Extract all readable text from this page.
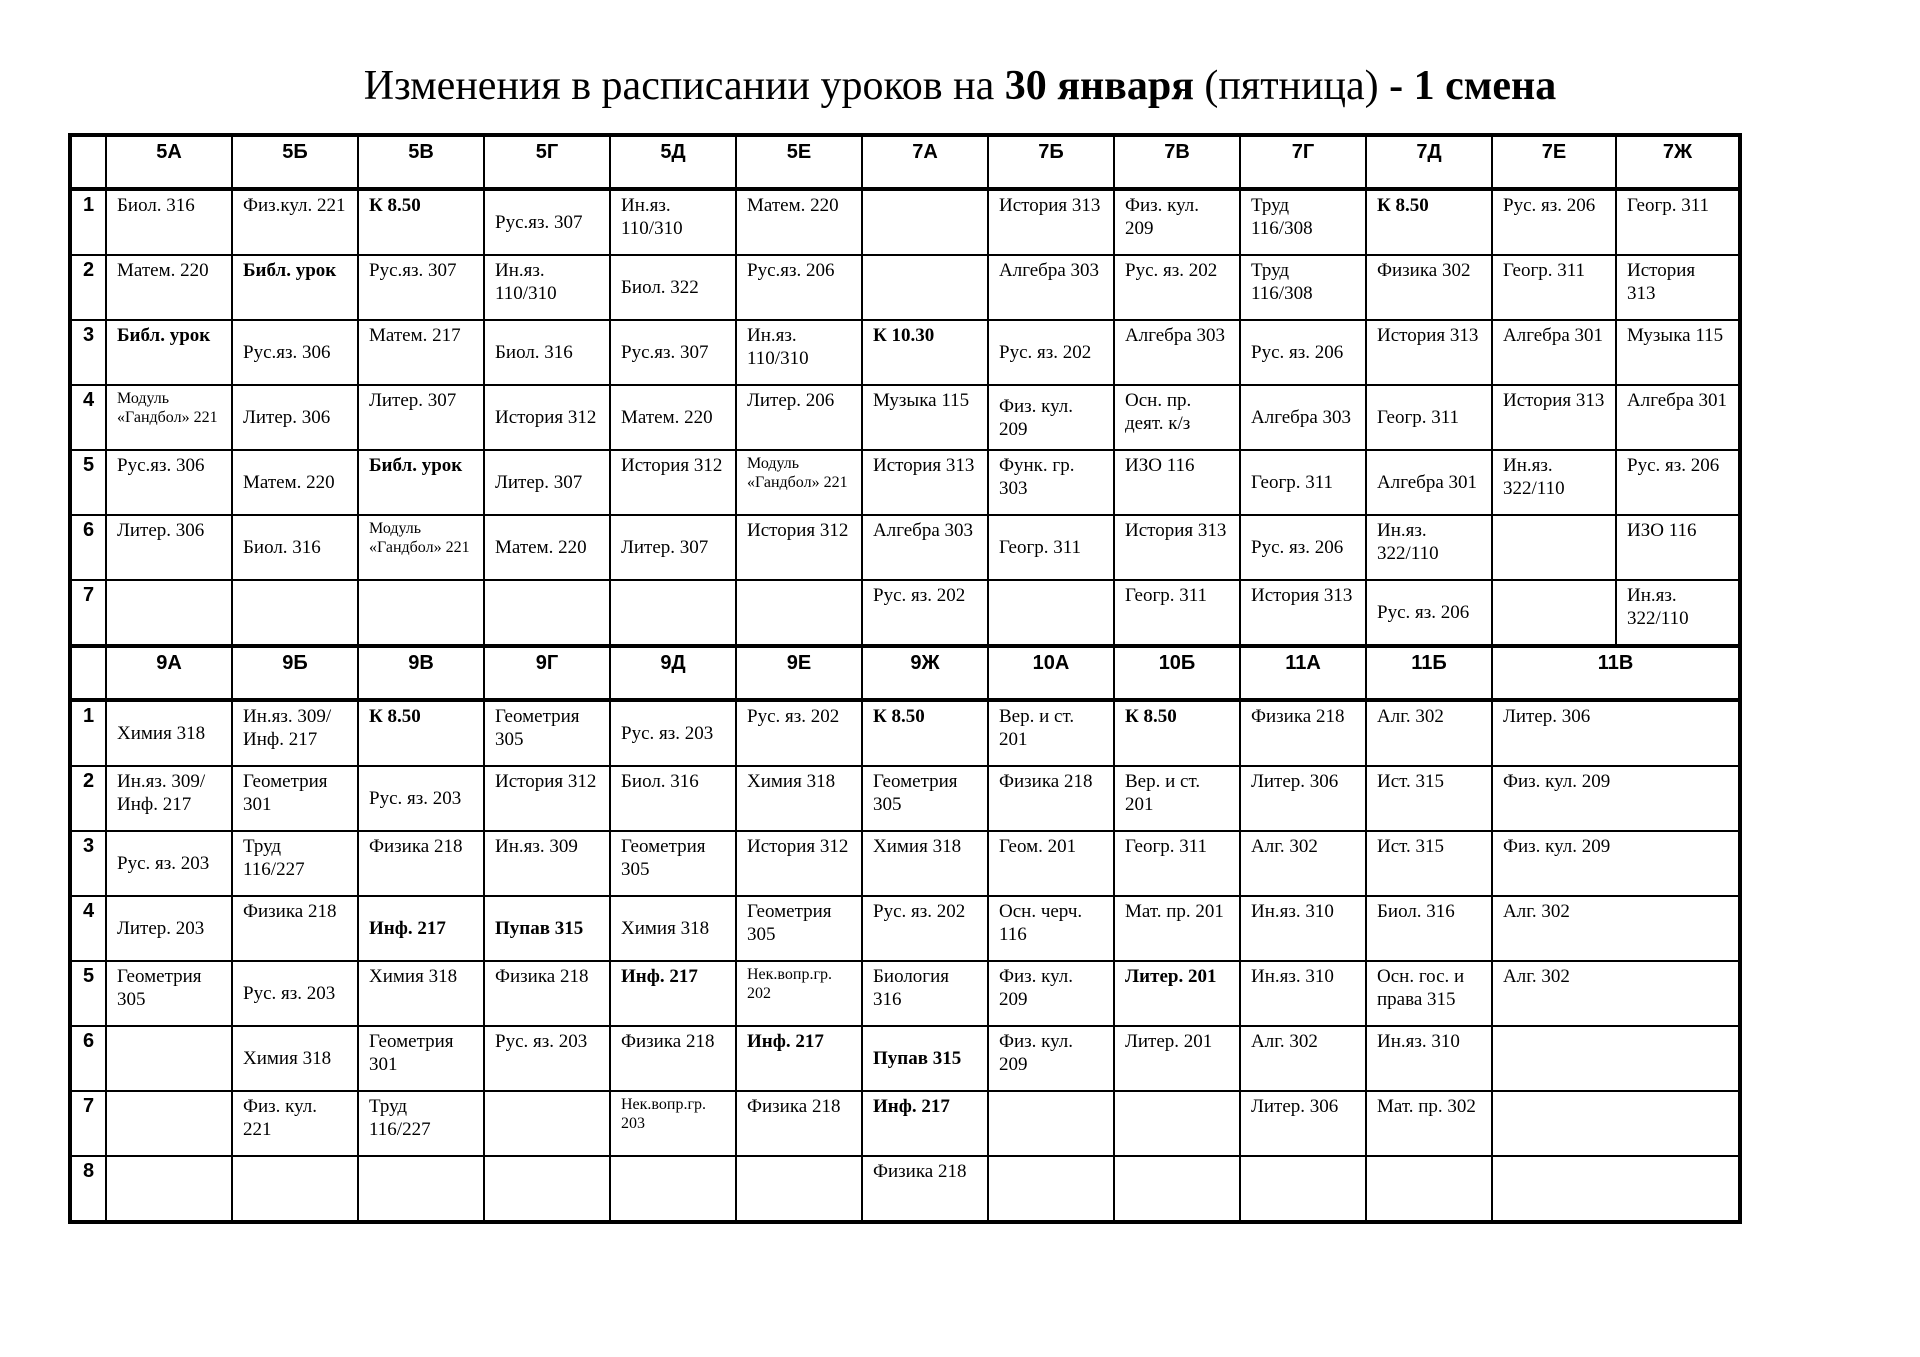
Изменения в расписании уроков на 30 января (пятница) - 1 смена
	5А	5Б	5В	5Г	5Д	5Е	7А	7Б	7В	7Г	7Д	7Е	7Ж
1	Биол. 316	Физ.кул. 221	К 8.50	Рус.яз. 307	Ин.яз. 110/310	Матем. 220		История 313	Физ. кул. 209	Труд 116/308	К 8.50	Рус. яз. 206	Геогр. 311
2	Матем. 220	Библ. урок	Рус.яз. 307	Ин.яз. 110/310	Биол. 322	Рус.яз. 206		Алгебра 303	Рус. яз. 202	Труд 116/308	Физика 302	Геогр. 311	История 313
3	Библ. урок	Рус.яз. 306	Матем. 217	Биол. 316	Рус.яз. 307	Ин.яз. 110/310	К 10.30	Рус. яз. 202	Алгебра 303	Рус. яз. 206	История 313	Алгебра 301	Музыка 115
4	Модуль «Гандбол» 221	Литер. 306	Литер. 307	История 312	Матем. 220	Литер. 206	Музыка 115	Физ. кул. 209	Осн. пр. деят. к/з	Алгебра 303	Геогр. 311	История 313	Алгебра 301
5	Рус.яз. 306	Матем. 220	Библ. урок	Литер. 307	История 312	Модуль «Гандбол» 221	История 313	Функ. гр. 303	ИЗО 116	Геогр. 311	Алгебра 301	Ин.яз. 322/110	Рус. яз. 206
6	Литер. 306	Биол. 316	Модуль «Гандбол» 221	Матем. 220	Литер. 307	История 312	Алгебра 303	Геогр. 311	История 313	Рус. яз. 206	Ин.яз. 322/110		ИЗО 116
7							Рус. яз. 202		Геогр. 311	История 313	Рус. яз. 206		Ин.яз. 322/110
	9А	9Б	9В	9Г	9Д	9Е	9Ж	10А	10Б	11А	11Б	11В	
1	Химия 318	Ин.яз. 309/ Инф. 217	К 8.50	Геометрия 305	Рус. яз. 203	Рус. яз. 202	К 8.50	Вер. и ст. 201	К 8.50	Физика 218	Алг. 302	Литер. 306	
2	Ин.яз. 309/ Инф. 217	Геометрия 301	Рус. яз. 203	История 312	Биол. 316	Химия 318	Геометрия 305	Физика 218	Вер. и ст. 201	Литер. 306	Ист. 315	Физ. кул. 209	
3	Рус. яз. 203	Труд 116/227	Физика 218	Ин.яз. 309	Геометрия 305	История 312	Химия 318	Геом. 201	Геогр. 311	Алг. 302	Ист. 315	Физ. кул. 209	
4	Литер. 203	Физика 218	Инф. 217	Пупав 315	Химия 318	Геометрия 305	Рус. яз. 202	Осн. черч. 116	Мат. пр. 201	Ин.яз. 310	Биол. 316	Алг. 302	
5	Геометрия 305	Рус. яз. 203	Химия 318	Физика 218	Инф. 217	Нек.вопр.гр. 202	Биология 316	Физ. кул. 209	Литер. 201	Ин.яз. 310	Осн. гос. и права 315	Алг. 302	
6		Химия 318	Геометрия 301	Рус. яз. 203	Физика 218	Инф. 217	Пупав 315	Физ. кул. 209	Литер. 201	Алг. 302	Ин.яз. 310		
7		Физ. кул. 221	Труд 116/227		Нек.вопр.гр. 203	Физика 218	Инф. 217			Литер. 306	Мат. пр. 302		
8							Физика 218						
